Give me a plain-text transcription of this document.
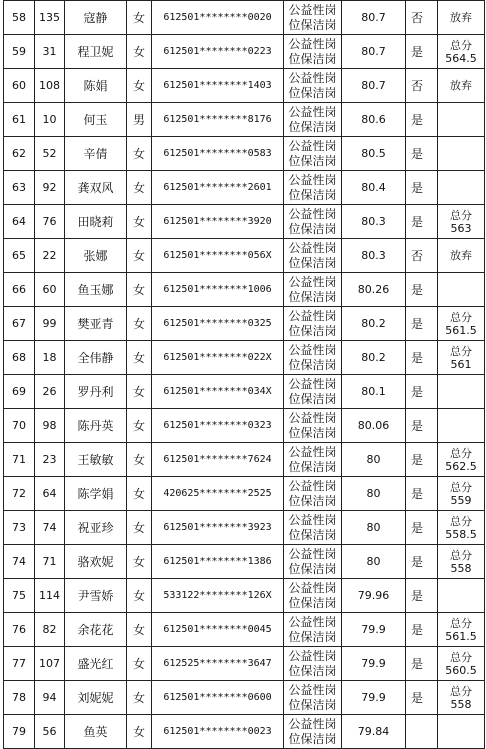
58	135	寇静	女	612501********0020	公益性岗
位保洁岗	80.7	否	放弃

59	31	程卫妮	女	612501********0223	公益性岗
位保洁岗	80.7	是	总分
564.5

60	108	陈娟	女	612501********1403	公益性岗
位保洁岗	80.7	否	放弃

61	10	何玉	男	612501********8176	公益性岗
位保洁岗	80.6	是	
62	52	辛倩	女	612501********0583	公益性岗
位保洁岗	80.5	是	
63	92	龚双风	女	612501********2601	公益性岗
位保洁岗	80.4	是	
64	76	田晓莉	女	612501********3920	公益性岗
位保洁岗	80.3	是	总分
563

65	22	张娜	女	612501********056X	公益性岗
位保洁岗	80.3	否	放弃

66	60	鱼玉娜	女	612501********1006	公益性岗
位保洁岗	80.26	是	
67	99	樊亚青	女	612501********0325	公益性岗
位保洁岗	80.2	是	总分
561.5

68	18	全伟静	女	612501********022X	公益性岗
位保洁岗	80.2	是	总分
561

69	26	罗丹利	女	612501********034X	公益性岗
位保洁岗	80.1	是	
70	98	陈丹英	女	612501********0323	公益性岗
位保洁岗	80.06	是	
71	23	王敏敏	女	612501********7624	公益性岗
位保洁岗	80	是	总分
562.5

72	64	陈学娟	女	420625********2525	公益性岗
位保洁岗	80	是	总分
559

73	74	祝亚珍	女	612501********3923	公益性岗
位保洁岗	80	是	总分
558.5

74	71	骆欢妮	女	612501********1386	公益性岗
位保洁岗	80	是	总分
558

75	114	尹雪娇	女	533122********126X	公益性岗
位保洁岗	79.96	是	
76	82	余花花	女	612501********0045	公益性岗
位保洁岗	79.9	是	总分
561.5

77	107	盛光红	女	612525********3647	公益性岗
位保洁岗	79.9	是	总分
560.5

78	94	刘妮妮	女	612501********0600	公益性岗
位保洁岗	79.9	是	总分
558

79	56	鱼英	女	612501********0023	公益性岗
位保洁岗	79.84		
